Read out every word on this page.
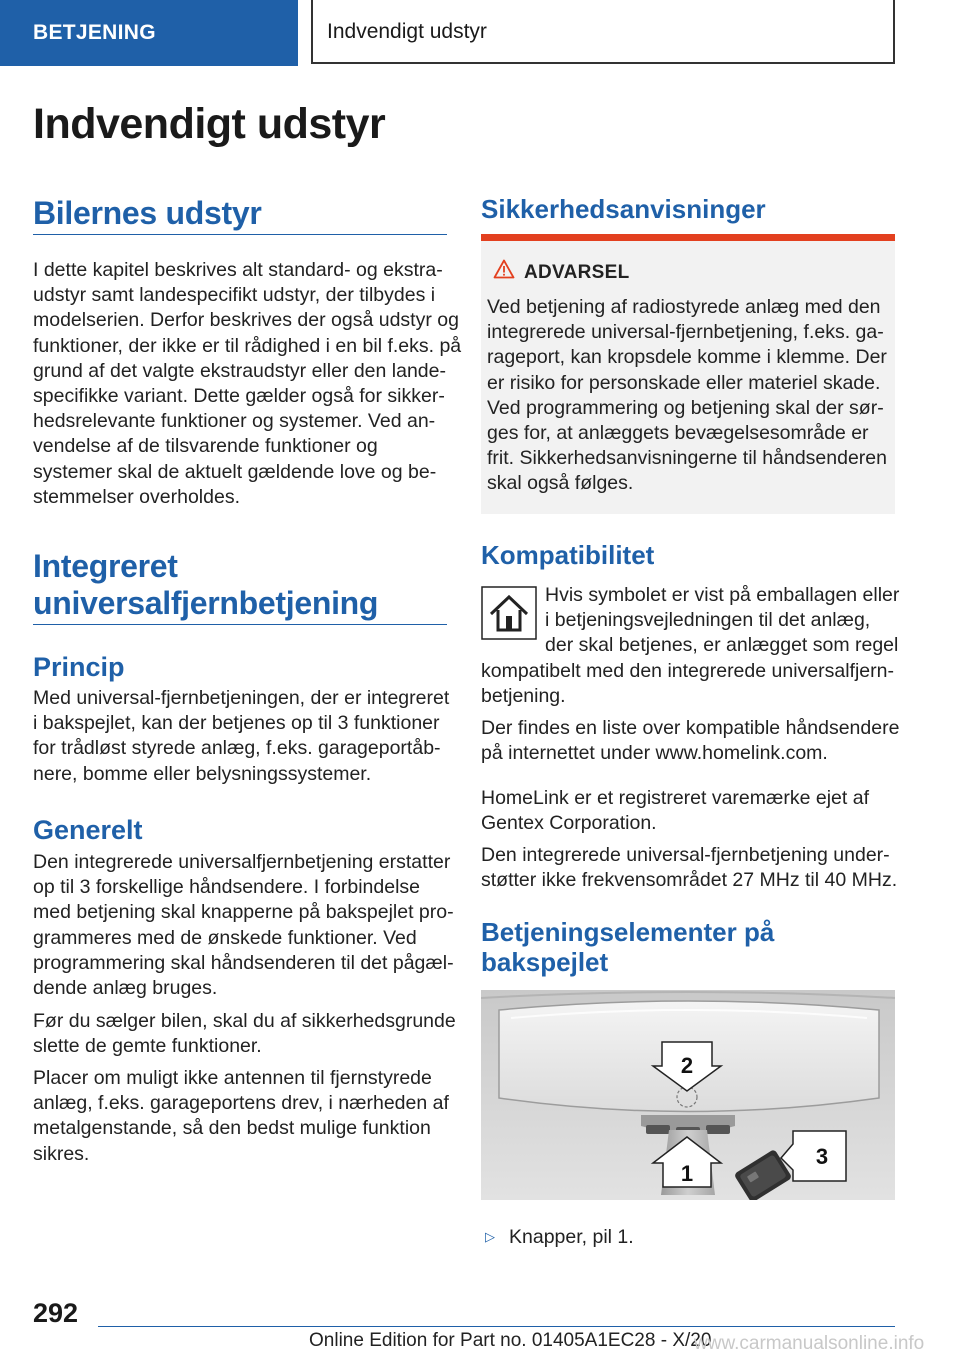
BETJENING	Indvendigt udstyr
Indvendigt udstyr
Bilernes udstyr

I dette kapitel beskrives alt standard- og ekstra-
udstyr samt landespecifikt udstyr, der tilbydes i
modelserien. Derfor beskrives der også udstyr og
funktioner, der ikke er til rådighed i en bil f.eks. på
grund af det valgte ekstraudstyr eller den lande-
specifikke variant. Dette gælder også for sikker-
hedsrelevante funktioner og systemer. Ved an-
vendelse af de tilsvarende funktioner og
systemer skal de aktuelt gældende love og be-
stemmelser overholdes.

Integreret
universalfjernbetjening
Princip

Med universal-fjernbetjeningen, der er integreret
i bakspejlet, kan der betjenes op til 3 funktioner
for trådløst styrede anlæg, f.eks. garageportåb-
nere, bomme eller belysningssystemer.

Generelt

Den integrerede universalfjernbetjening erstatter
op til 3 forskellige håndsendere. I forbindelse
med betjening skal knapperne på bakspejlet pro-
grammeres med de ønskede funktioner. Ved
programmering skal håndsenderen til det pågæl-
dende anlæg bruges.

Før du sælger bilen, skal du af sikkerhedsgrunde
slette de gemte funktioner.

Placer om muligt ikke antennen til fjernstyrede
anlæg, f.eks. garageportens drev, i nærheden af
metalgenstande, så den bedst mulige funktion
sikres.

Sikkerhedsanvisninger

ADVARSEL

Ved betjening af radiostyrede anlæg med den
integrerede universal-fjernbetjening, f.eks. ga-
rageport, kan kropsdele komme i klemme. Der
er risiko for personskade eller materiel skade.
Ved programmering og betjening skal der sør-
ges for, at anlæggets bevægelsesområde er
frit. Sikkerhedsanvisningerne til håndsenderen
skal også følges.

Kompatibilitet

Hvis symbolet er vist på emballagen eller
i betjeningsvejledningen til det anlæg,
der skal betjenes, er anlægget som regel

kompatibelt med den integrerede universalfjern-
betjening.

Der findes en liste over kompatible håndsendere
på internettet under www.homelink.com.

HomeLink er et registreret varemærke ejet af
Gentex Corporation.

Den integrerede universal-fjernbetjening under-
støtter ikke frekvensområdet 27 MHz til 40 MHz.

Betjeningselementer på
bakspejlet
2
1
3
▷ Knapper, pil 1.

292

Online Edition for Part no. 01405A1EC28 - X/20

www.carmanualsonline.info
